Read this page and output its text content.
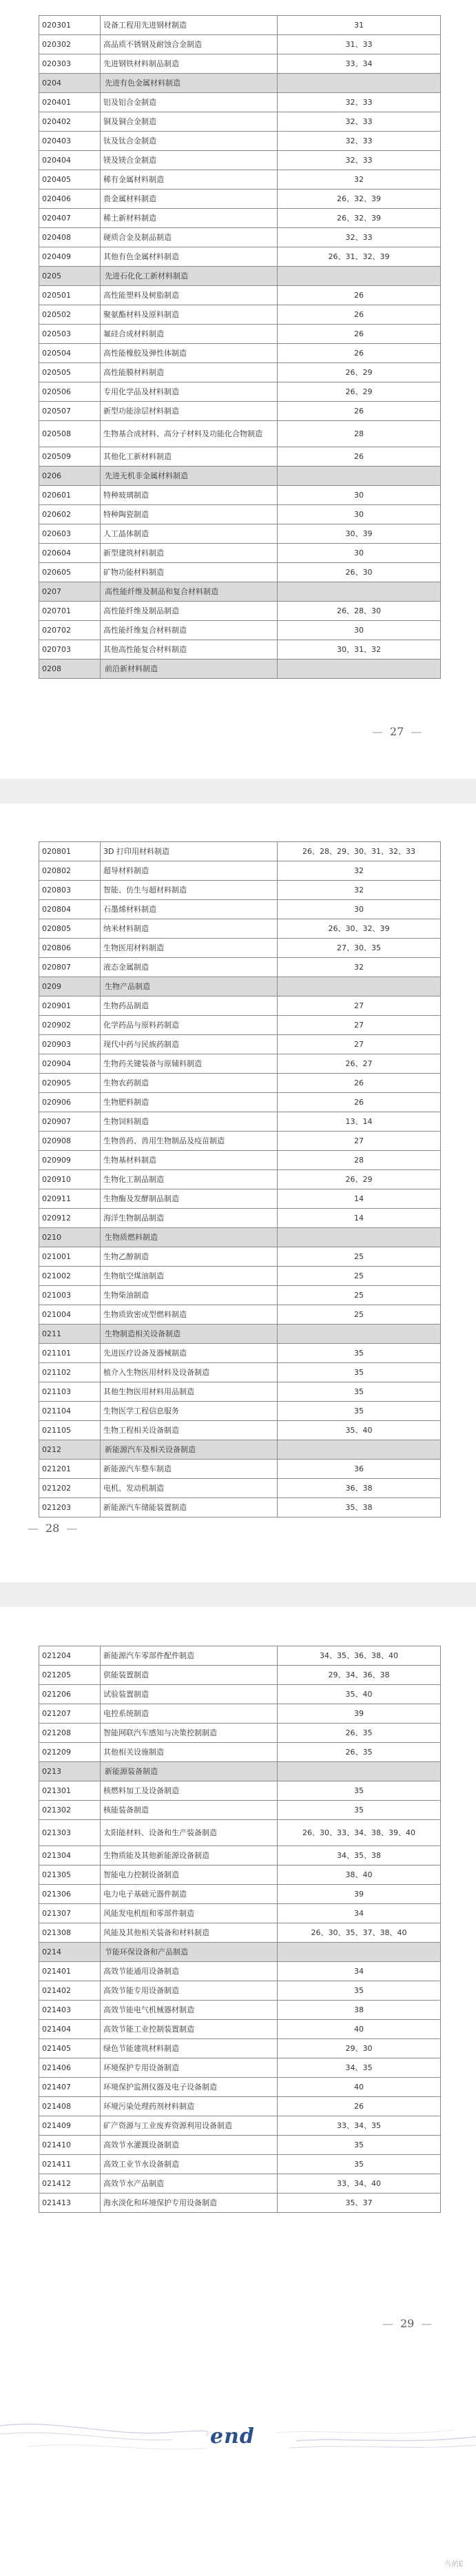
020301	设备工程用先进钢材制造	31
020302	高品质不锈钢及耐蚀合金制造	31、33
020303	先进钢铁材料制品制造	33、34
0204	先进有色金属材料制造	
020401	铝及铝合金制造	32、33
020402	铜及铜合金制造	32、33
020403	钛及钛合金制造	32、33
020404	镁及镁合金制造	32、33
020405	稀有金属材料制造	32
020406	贵金属材料制造	26、32、39
020407	稀土新材料制造	26、32、39
020408	硬质合金及制品制造	32、33
020409	其他有色金属材料制造	26、31、32、39
0205	先进石化化工新材料制造	
020501	高性能塑料及树脂制造	26
020502	聚氨酯材料及原料制造	26
020503	氟硅合成材料制造	26
020504	高性能橡胶及弹性体制造	26
020505	高性能膜材料制造	26、29
020506	专用化学品及材料制造	26、29
020507	新型功能涂层材料制造	26
020508	生物基合成材料、高分子材料及功能化合物制造	28
020509	其他化工新材料制造	26
0206	先进无机非金属材料制造	
020601	特种玻璃制造	30
020602	特种陶瓷制造	30
020603	人工晶体制造	30、39
020604	新型建筑材料制造	30
020605	矿物功能材料制造	26、30
0207	高性能纤维及制品和复合材料制造	
020701	高性能纤维及制品制造	26、28、30
020702	高性能纤维复合材料制造	30
020703	其他高性能复合材料制造	30、31、32
0208	前沿新材料制造	
— 27 —
020801	3D 打印用材料制造	26、28、29、30、31、32、33
020802	超导材料制造	32
020803	智能、仿生与超材料制造	32
020804	石墨烯材料制造	30
020805	纳米材料制造	26、30、32、39
020806	生物医用材料制造	27、30、35
020807	液态金属制造	32
0209	生物产品制造	
020901	生物药品制造	27
020902	化学药品与原料药制造	27
020903	现代中药与民族药制造	27
020904	生物药关键装备与原辅料制造	26、27
020905	生物农药制造	26
020906	生物肥料制造	26
020907	生物饲料制造	13、14
020908	生物兽药、兽用生物制品及疫苗制造	27
020909	生物基材料制造	28
020910	生物化工制品制造	26、29
020911	生物酶及发酵制品制造	14
020912	海洋生物制品制造	14
0210	生物质燃料制造	
021001	生物乙醇制造	25
021002	生物航空煤油制造	25
021003	生物柴油制造	25
021004	生物质致密成型燃料制造	25
0211	生物制造相关设备制造	
021101	先进医疗设备及器械制造	35
021102	植介入生物医用材料及设备制造	35
021103	其他生物医用材料用品制造	35
021104	生物医学工程信息服务	35
021105	生物工程相关设备制造	35、40
0212	新能源汽车及相关设备制造	
021201	新能源汽车整车制造	36
021202	电机、发动机制造	36、38
021203	新能源汽车储能装置制造	35、38
— 28 —
021204	新能源汽车零部件配件制造	34、35、36、38、40
021205	供能装置制造	29、34、36、38
021206	试验装置制造	35、40
021207	电控系统制造	39
021208	智能网联汽车感知与决策控制制造	26、35
021209	其他相关设施制造	26、35
0213	新能源装备制造	
021301	核燃料加工及设备制造	35
021302	核能装备制造	35
021303	太阳能材料、设备和生产装备制造	26、30、33、34、38、39、40
021304	生物质能及其他新能源设备制造	34、35、38
021305	智能电力控制设备制造	38、40
021306	电力电子基础元器件制造	39
021307	风能发电机组和零部件制造	34
021308	风能及其他相关装备和材料制造	26、30、35、37、38、40
0214	节能环保设备和产品制造	
021401	高效节能通用设备制造	34
021402	高效节能专用设备制造	35
021403	高效节能电气机械器材制造	38
021404	高效节能工业控制装置制造	40
021405	绿色节能建筑材料制造	29、30
021406	环境保护专用设备制造	34、35
021407	环境保护监测仪器及电子设备制造	40
021408	环境污染处理药剂材料制造	26
021409	矿产资源与工业废弃资源利用设备制造	33、34、35
021410	高效节水灌溉设备制造	35
021411	高效工业节水设备制造	35
021412	高效节水产品制造	33、34、40
021413	海水淡化和环境保护专用设备制造	35、37
— 29 —
end
当前E
